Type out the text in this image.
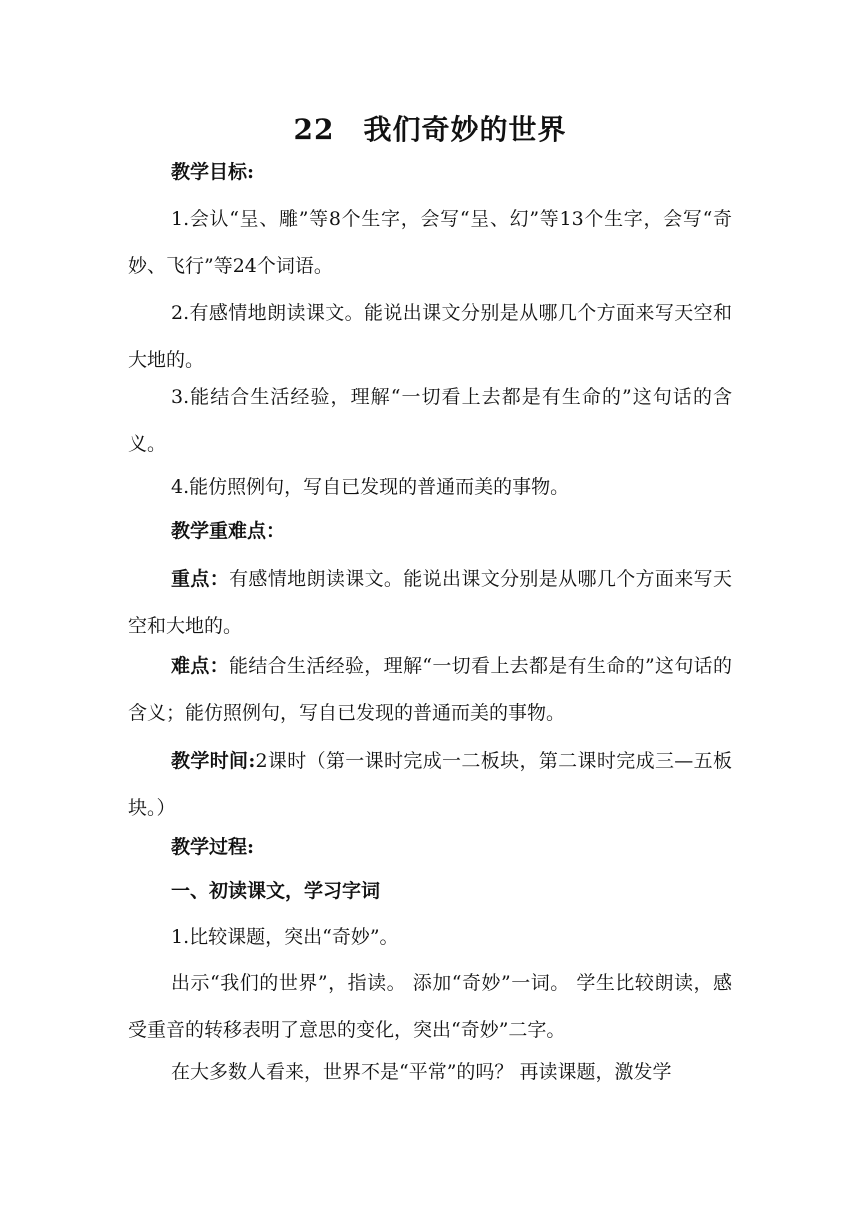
22　我们奇妙的世界

教学目标:

1.会认“呈、雕”等8个生字，会写“呈、幻”等13个生字，会写“奇妙、飞行”等24个词语。

2.有感情地朗读课文。能说出课文分别是从哪几个方面来写天空和大地的。

3.能结合生活经验，理解“一切看上去都是有生命的”这句话的含义。

4.能仿照例句，写自已发现的普通而美的事物。

教学重难点：

重点：有感情地朗读课文。能说出课文分别是从哪几个方面来写天空和大地的。

难点：能结合生活经验，理解“一切看上去都是有生命的”这句话的含义；能仿照例句，写自已发现的普通而美的事物。

教学时间:2课时（第一课时完成一二板块，第二课时完成三—五板块。）

教学过程:

一、初读课文，学习字词

1.比较课题，突出“奇妙”。

出示“我们的世界”，指读。 添加“奇妙”一词。 学生比较朗读，感受重音的转移表明了意思的变化，突出“奇妙”二字。

在大多数人看来，世界不是“平常”的吗？ 再读课题，激发学
